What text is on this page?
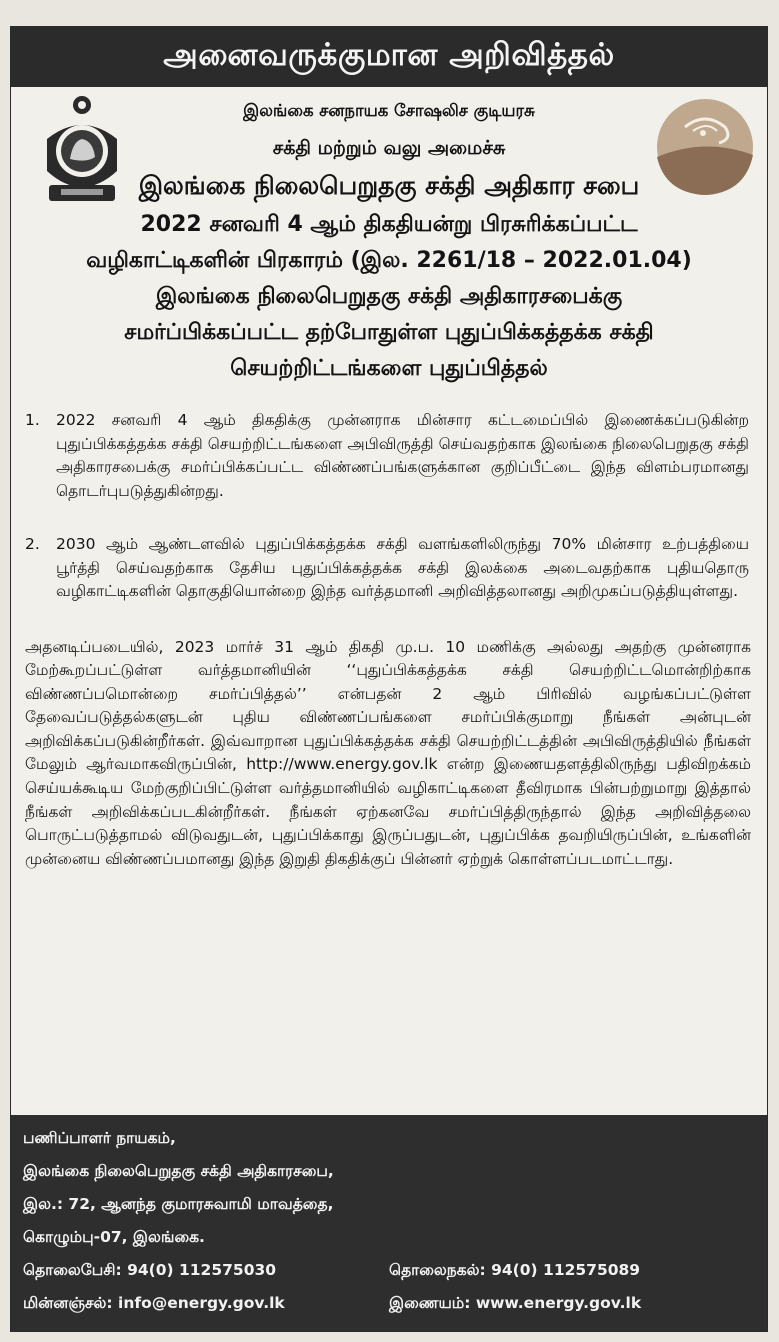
அனைவருக்குமான அறிவித்தல்
இலங்கை சனநாயக சோஷலிச குடியரசு
சக்தி மற்றும் வலு அமைச்சு
இலங்கை நிலைபெறுதகு சக்தி அதிகார சபை
2022 சனவரி 4 ஆம் திகதியன்று பிரசுரிக்கப்பட்ட
வழிகாட்டிகளின் பிரகாரம் (இல. 2261/18 – 2022.01.04)
இலங்கை நிலைபெறுதகு சக்தி அதிகாரசபைக்கு
சமர்ப்பிக்கப்பட்ட தற்போதுள்ள புதுப்பிக்கத்தக்க சக்தி
செயற்றிட்டங்களை புதுப்பித்தல்
1.	2022 சனவரி 4 ஆம் திகதிக்கு முன்னராக மின்சார கட்டமைப்பில் இணைக்கப்படுகின்ற புதுப்பிக்கத்தக்க சக்தி செயற்றிட்டங்களை அபிவிருத்தி செய்வதற்காக இலங்கை நிலைபெறுதகு சக்தி அதிகாரசபைக்கு சமர்ப்பிக்கப்பட்ட விண்ணப்பங்களுக்கான குறிப்பீட்டை இந்த விளம்பரமானது தொடர்புபடுத்துகின்றது.
2.	2030 ஆம் ஆண்டளவில் புதுப்பிக்கத்தக்க சக்தி வளங்களிலிருந்து 70% மின்சார உற்பத்தியை பூர்த்தி செய்வதற்காக தேசிய புதுப்பிக்கத்தக்க சக்தி இலக்கை அடைவதற்காக புதியதொரு வழிகாட்டிகளின் தொகுதியொன்றை இந்த வர்த்தமானி அறிவித்தலானது அறிமுகப்படுத்தியுள்ளது.
அதனடிப்படையில், 2023 மார்ச் 31 ஆம் திகதி மு.ப. 10 மணிக்கு அல்லது அதற்கு முன்னராக மேற்கூறப்பட்டுள்ள வர்த்தமானியின் ‘‘புதுப்பிக்கத்தக்க சக்தி செயற்றிட்டமொன்றிற்காக விண்ணப்பமொன்றை சமர்ப்பித்தல்’’ என்பதன் 2 ஆம் பிரிவில் வழங்கப்பட்டுள்ள தேவைப்படுத்தல்களுடன் புதிய விண்ணப்பங்களை சமர்ப்பிக்குமாறு நீங்கள் அன்புடன் அறிவிக்கப்படுகின்றீர்கள். இவ்வாறான புதுப்பிக்கத்தக்க சக்தி செயற்றிட்டத்தின் அபிவிருத்தியில் நீங்கள் மேலும் ஆர்வமாகவிருப்பின், http://www.energy.gov.lk என்ற இணையதளத்திலிருந்து பதிவிறக்கம் செய்யக்கூடிய மேற்குறிப்பிட்டுள்ள வர்த்தமானியில் வழிகாட்டிகளை தீவிரமாக பின்பற்றுமாறு இத்தால் நீங்கள் அறிவிக்கப்படகின்றீர்கள். நீங்கள் ஏற்கனவே சமர்ப்பித்திருந்தால் இந்த அறிவித்தலை பொருட்படுத்தாமல் விடுவதுடன், புதுப்பிக்காது இருப்பதுடன், புதுப்பிக்க தவறியிருப்பின், உங்களின் முன்னைய விண்ணப்பமானது இந்த இறுதி திகதிக்குப் பின்னர் ஏற்றுக் கொள்ளப்படமாட்டாது.
பணிப்பாளர் நாயகம்,
இலங்கை நிலைபெறுதகு சக்தி அதிகாரசபை,
இல.: 72, ஆனந்த குமாரசுவாமி மாவத்தை,
கொழும்பு-07, இலங்கை.
தொலைபேசி: 94(0) 112575030	தொலைநகல்: 94(0) 112575089
மின்னஞ்சல்: info@energy.gov.lk	இணையம்: www.energy.gov.lk
